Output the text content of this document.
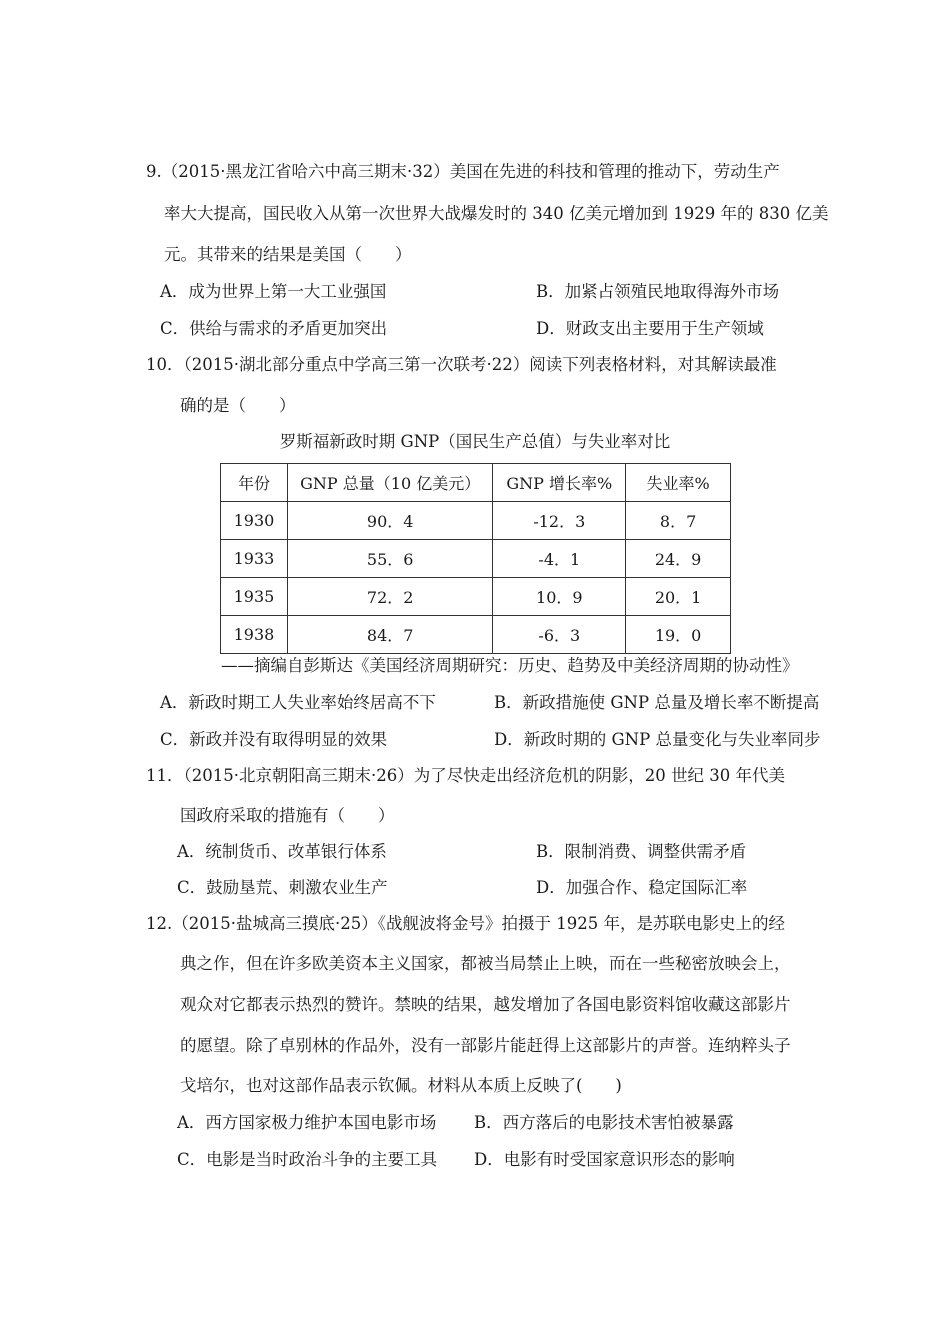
9.（2015·黑龙江省哈六中高三期末·32）美国在先进的科技和管理的推动下，劳动生产
率大大提高，国民收入从第一次世界大战爆发时的 340 亿美元增加到 1929 年的 830 亿美
元。其带来的结果是美国（　　）
A．成为世界上第一大工业强国	B．加紧占领殖民地取得海外市场
C．供给与需求的矛盾更加突出	D．财政支出主要用于生产领域
10．（2015·湖北部分重点中学高三第一次联考·22）阅读下列表格材料，对其解读最准
确的是（　　）
罗斯福新政时期 GNP（国民生产总值）与失业率对比
年份	GNP 总量（10 亿美元）	GNP 增长率%	失业率%
1930	90．4	-12．3	8．7
1933	55．6	-4．1	24．9
1935	72．2	10．9	20．1
1938	84．7	-6．3	19．0
——摘编自彭斯达《美国经济周期研究：历史、趋势及中美经济周期的协动性》
A．新政时期工人失业率始终居高不下	B．新政措施使 GNP 总量及增长率不断提高
C．新政并没有取得明显的效果	D．新政时期的 GNP 总量变化与失业率同步
11．（2015·北京朝阳高三期末·26）为了尽快走出经济危机的阴影，20 世纪 30 年代美
国政府采取的措施有（　　）
A．统制货币、改革银行体系	B．限制消费、调整供需矛盾
C．鼓励垦荒、刺激农业生产	D．加强合作、稳定国际汇率
12.（2015·盐城高三摸底·25）《战舰波将金号》拍摄于 1925 年，是苏联电影史上的经
典之作，但在许多欧美资本主义国家，都被当局禁止上映，而在一些秘密放映会上，
观众对它都表示热烈的赞许。禁映的结果，越发增加了各国电影资料馆收藏这部影片
的愿望。除了卓别林的作品外，没有一部影片能赶得上这部影片的声誉。连纳粹头子
戈培尔，也对这部作品表示钦佩。材料从本质上反映了(　　)
A．西方国家极力维护本国电影市场 B．西方落后的电影技术害怕被暴露
C．电影是当时政治斗争的主要工具 D．电影有时受国家意识形态的影响
